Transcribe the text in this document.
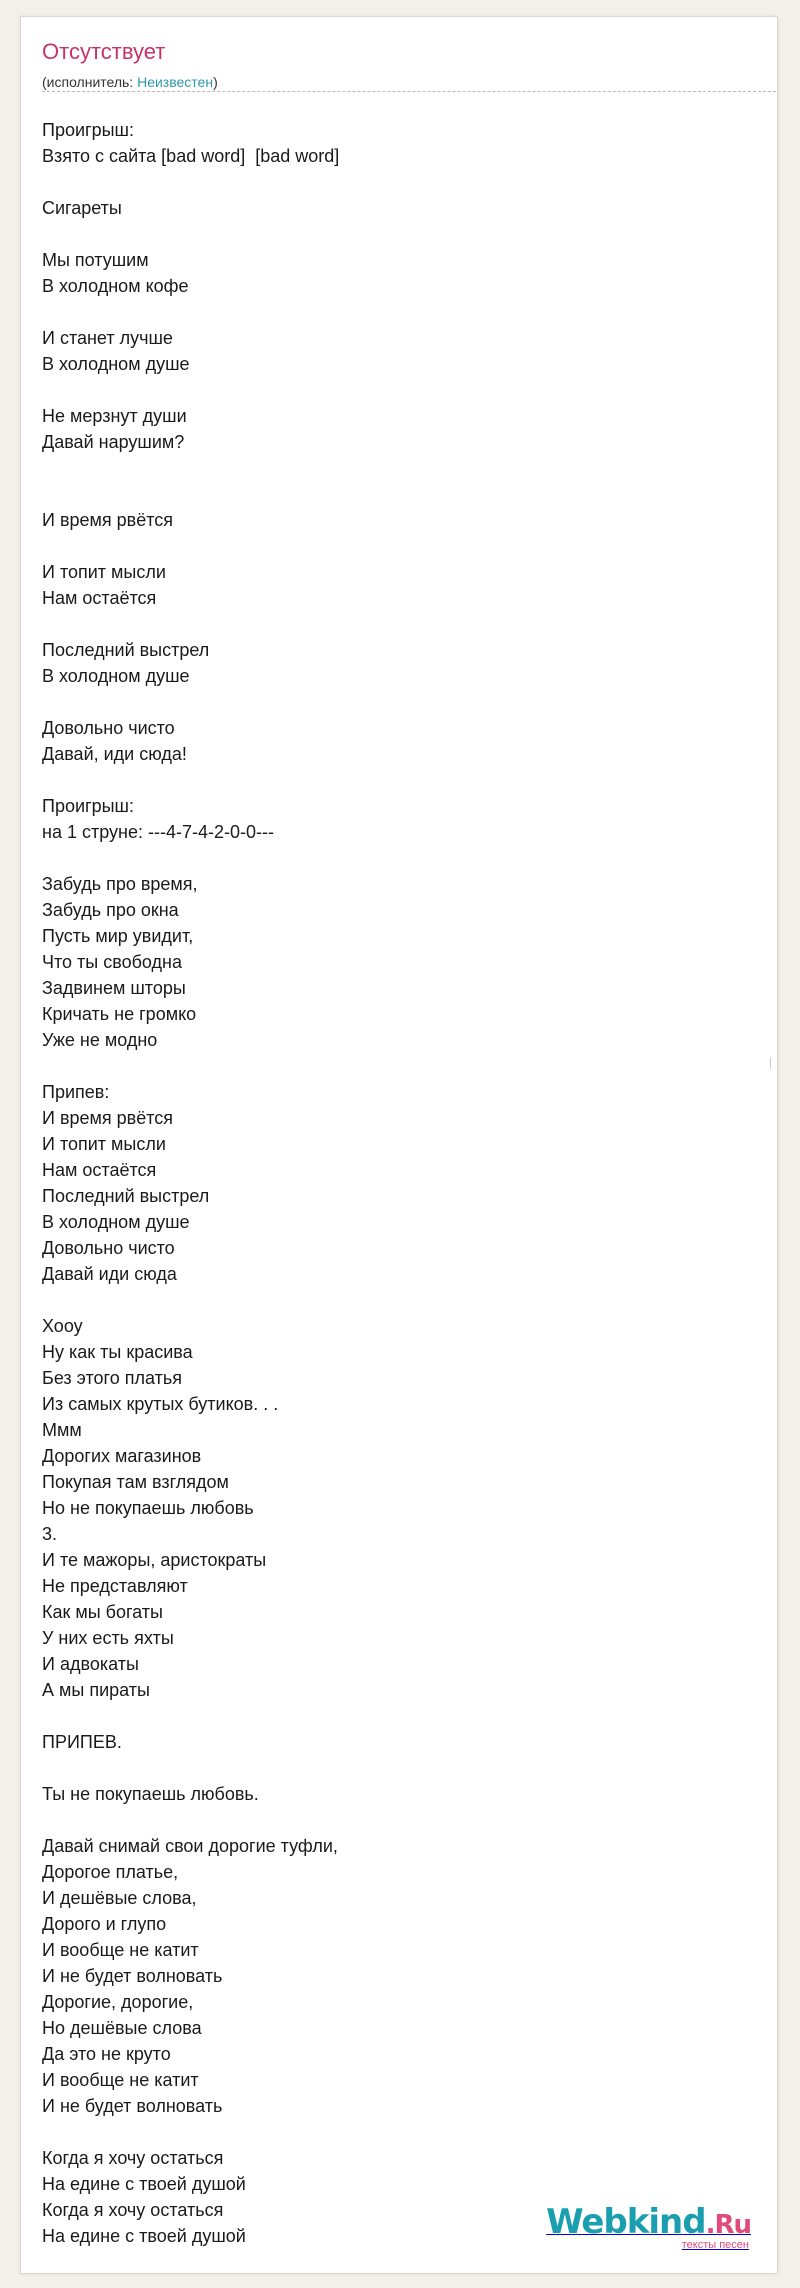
Отсутствует
(исполнитель: Неизвестен)
Проигрыш:
Взято с сайта [bad word]  [bad word]

Сигареты

Мы потушим
В холодном кофе

И станет лучше
В холодном душе

Не мерзнут души
Давай нарушим?

И время рвётся

И топит мысли
Нам остаётся

Последний выстрел
В холодном душе

Довольно чисто
Давай, иди сюда!

Проигрыш:
на 1 струне: ---4-7-4-2-0-0---

Забудь про время,
Забудь про окна
Пусть мир увидит,
Что ты свободна
Задвинем шторы
Кричать не громко
Уже не модно

Припев:
И время рвётся
И топит мысли
Нам остаётся
Последний выстрел
В холодном душе
Довольно чисто
Давай иди сюда

Хооу
Ну как ты красива
Без этого платья
Из самых крутых бутиков. . .
Ммм
Дорогих магазинов
Покупая там взглядом
Но не покупаешь любовь
3.
И те мажоры, аристократы
Не представляют
Как мы богаты
У них есть яхты
И адвокаты
А мы пираты

ПРИПЕВ.

Ты не покупаешь любовь.

Давай снимай свои дорогие туфли,
Дорогое платье,
И дешёвые слова,
Дорого и глупо
И вообще не катит
И не будет волновать
Дорогие, дорогие,
Но дешёвые слова
Да это не круто
И вообще не катит
И не будет волновать

Когда я хочу остаться
На едине с твоей душой
Когда я хочу остаться
На едине с твоей душой	Webkind.Ru
тексты песен
